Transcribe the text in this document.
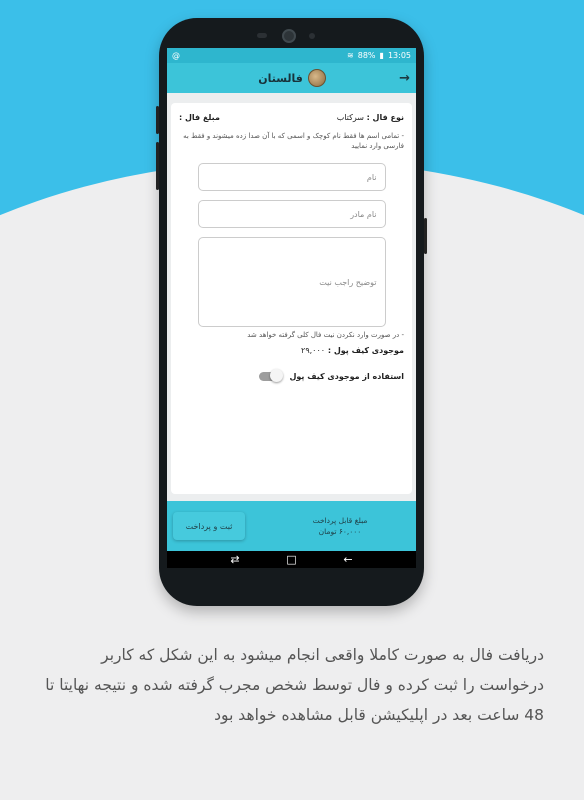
@	≋ 88% ▮ 13:05
فالستان	→
نوع فال : سرکتاب
مبلغ فال :
- تمامی اسم ها فقط نام کوچک و اسمی که با آن صدا زده میشوند و فقط به فارسی وارد نمایید
نام
نام مادر
توضیح راجب نیت
- در صورت وارد نکردن نیت فال کلی گرفته خواهد شد
موجودی کیف پول : ۲۹,۰۰۰
استفاده از موجودی کیف پول
ثبت و پرداخت
مبلغ قابل پرداخت
۶۰,۰۰۰ تومان
⇄	□	←
دریافت فال به صورت کاملا واقعی انجام میشود به این شکل که کاربر درخواست را ثبت کرده و فال توسط شخص مجرب گرفته شده و نتیجه نهایتا تا 48 ساعت بعد در اپلیکیشن قابل مشاهده خواهد بود
